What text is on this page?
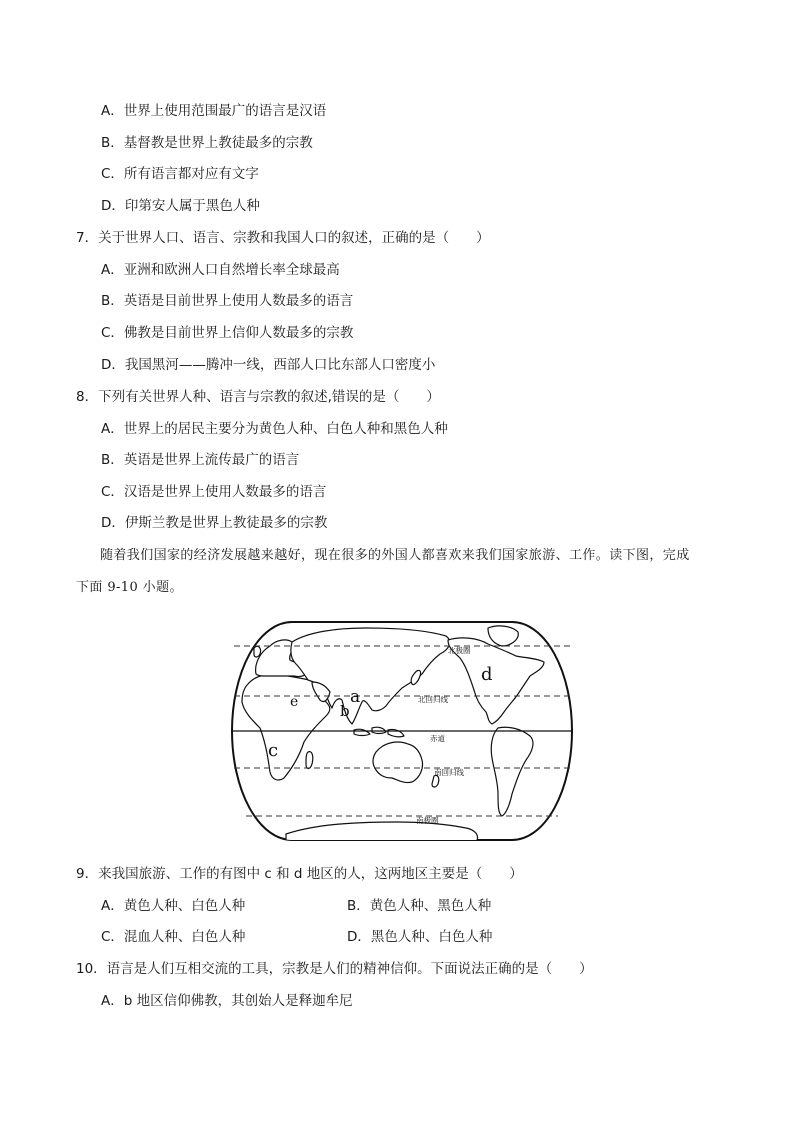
A．世界上使用范围最广的语言是汉语
B．基督教是世界上教徒最多的宗教
C．所有语言都对应有文字
D．印第安人属于黑色人种
7．关于世界人口、语言、宗教和我国人口的叙述，正确的是（　　）
A．亚洲和欧洲人口自然增长率全球最高
B．英语是目前世界上使用人数最多的语言
C．佛教是目前世界上信仰人数最多的宗教
D．我国黑河——腾冲一线，西部人口比东部人口密度小
8．下列有关世界人种、语言与宗教的叙述,错误的是（　　）
A．世界上的居民主要分为黄色人种、白色人种和黑色人种
B．英语是世界上流传最广的语言
C．汉语是世界上使用人数最多的语言
D．伊斯兰教是世界上教徒最多的宗教
随着我们国家的经济发展越来越好，现在很多的外国人都喜欢来我们国家旅游、工作。读下图，完成
下面 9-10 小题。
北极圈
北回归线
赤道
南回归线
南极圈
a
b
c
d
e
9．来我国旅游、工作的有图中 c 和 d 地区的人，这两地区主要是（　　）
A．黄色人种、白色人种	B．黄色人种、黑色人种
C．混血人种、白色人种	D．黑色人种、白色人种
10．语言是人们互相交流的工具，宗教是人们的精神信仰。下面说法正确的是（　　）
A．b 地区信仰佛教，其创始人是释迦牟尼
